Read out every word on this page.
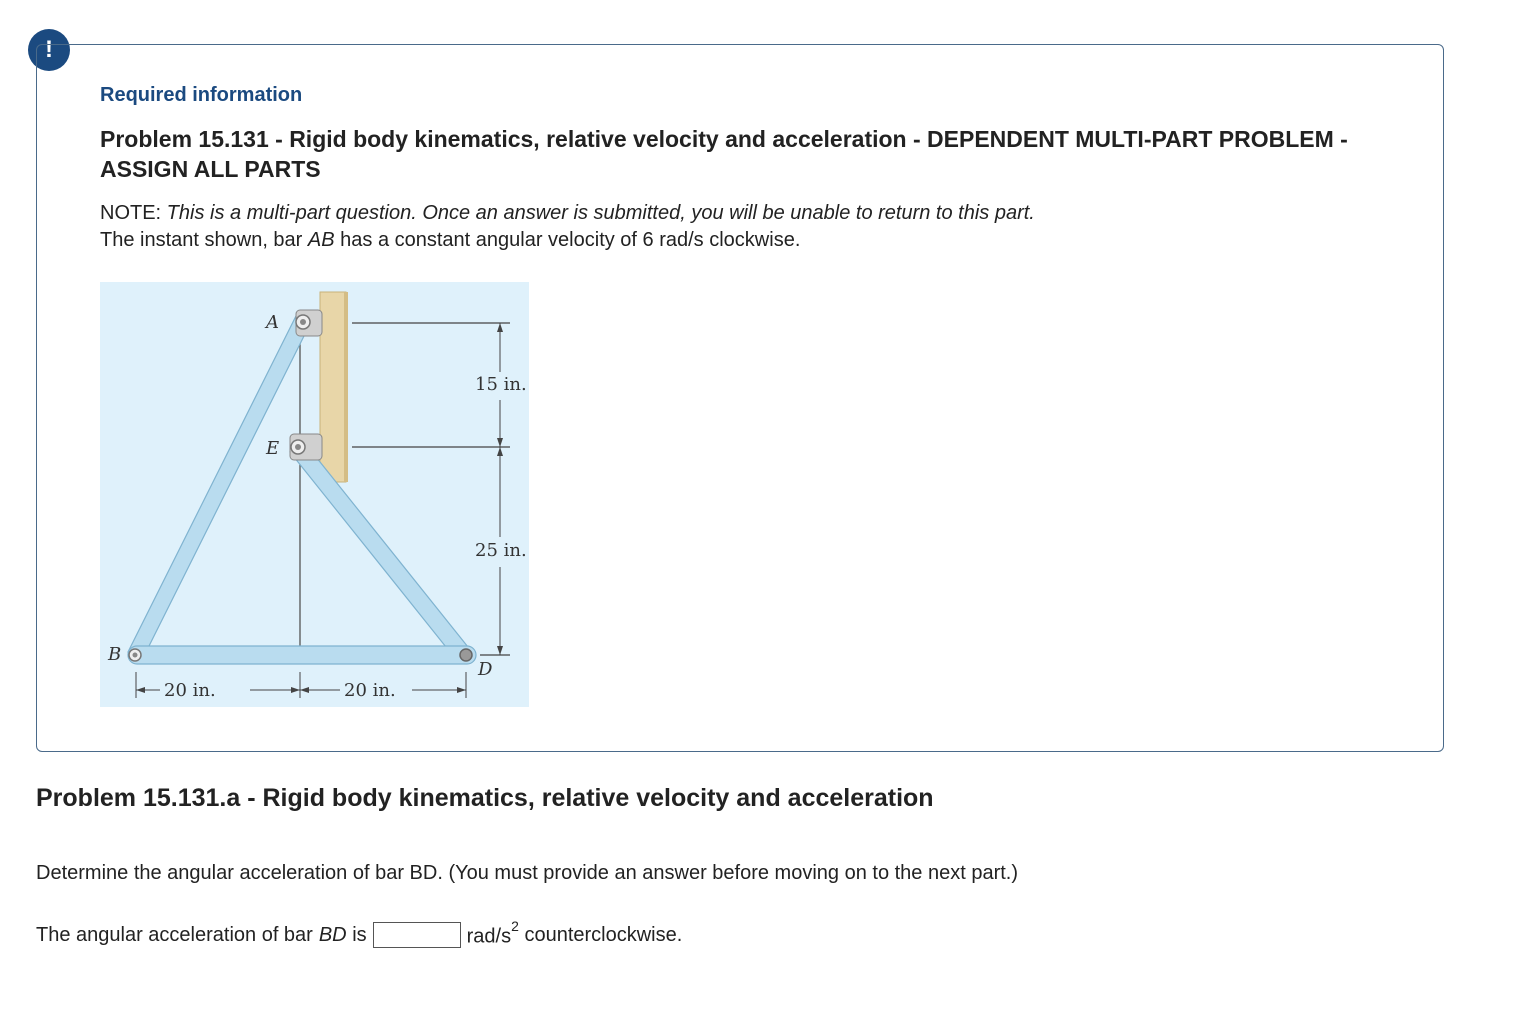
!
Required information
Problem 15.131 - Rigid body kinematics, relative velocity and acceleration - DEPENDENT MULTI-PART PROBLEM - ASSIGN ALL PARTS
NOTE: This is a multi-part question. Once an answer is submitted, you will be unable to return to this part.
The instant shown, bar AB has a constant angular velocity of 6 rad/s clockwise.
A
E
B
D
15 in.
25 in.
20 in.	20 in.
Problem 15.131.a - Rigid body kinematics, relative velocity and acceleration
Determine the angular acceleration of bar BD. (You must provide an answer before moving on to the next part.)
The angular acceleration of bar BD is	rad/$s^2$ counterclockwise.
